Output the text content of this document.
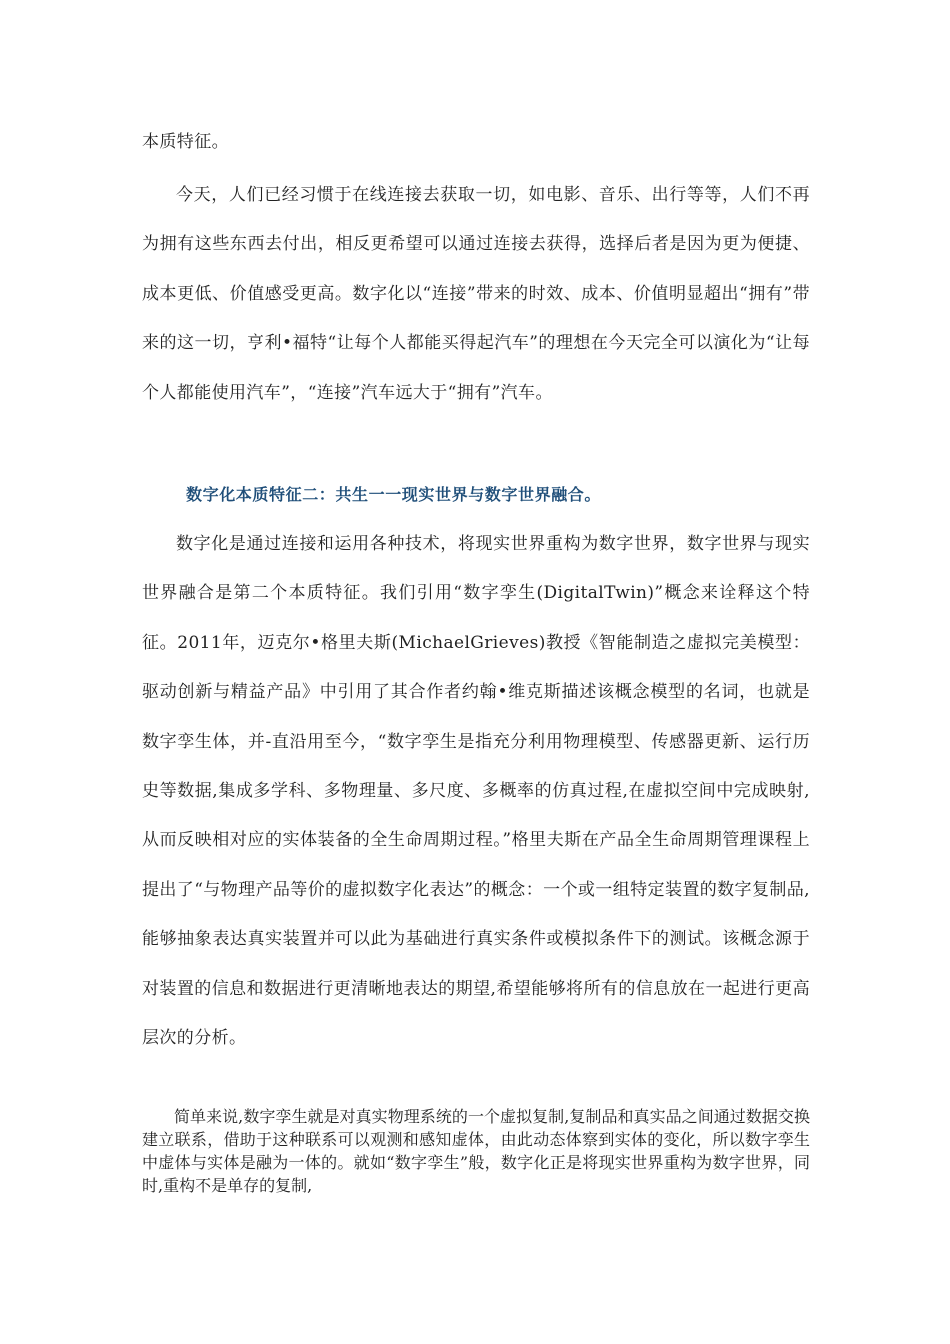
本质特征。

今天，人们已经习惯于在线连接去获取一切，如电影、音乐、出行等等，人们不再为拥有这些东西去付出，相反更希望可以通过连接去获得，选择后者是因为更为便捷、成本更低、价值感受更高。数字化以“连接”带来的时效、成本、价值明显超出“拥有”带来的这一切，亨利•福特“让每个人都能买得起汽车”的理想在今天完全可以演化为“让每个人都能使用汽车”，“连接”汽车远大于“拥有”汽车。

数字化本质特征二：共生一一现实世界与数字世界融合。

数字化是通过连接和运用各种技术，将现实世界重构为数字世界，数字世界与现实世界融合是第二个本质特征。我们引用“数字孪生(DigitalTwin)”概念来诠释这个特征。2011年，迈克尔•格里夫斯(MichaelGrieves)教授《智能制造之虚拟完美模型：驱动创新与精益产品》中引用了其合作者约翰•维克斯描述该概念模型的名词，也就是数字孪生体，并-直沿用至今，“数字孪生是指充分利用物理模型、传感器更新、运行历史等数据,集成多学科、多物理量、多尺度、多概率的仿真过程,在虚拟空间中完成映射,从而反映相对应的实体装备的全生命周期过程。”格里夫斯在产品全生命周期管理课程上提出了“与物理产品等价的虚拟数字化表达”的概念：一个或一组特定装置的数字复制品,能够抽象表达真实装置并可以此为基础进行真实条件或模拟条件下的测试。该概念源于对装置的信息和数据进行更清晰地表达的期望,希望能够将所有的信息放在一起进行更高层次的分析。

简单来说,数字孪生就是对真实物理系统的一个虚拟复制,复制品和真实品之间通过数据交换建立联系，借助于这种联系可以观测和感知虚体，由此动态体察到实体的变化，所以数字孪生中虚体与实体是融为一体的。就如“数字孪生”般，数字化正是将现实世界重构为数字世界，同时,重构不是单存的复制,
